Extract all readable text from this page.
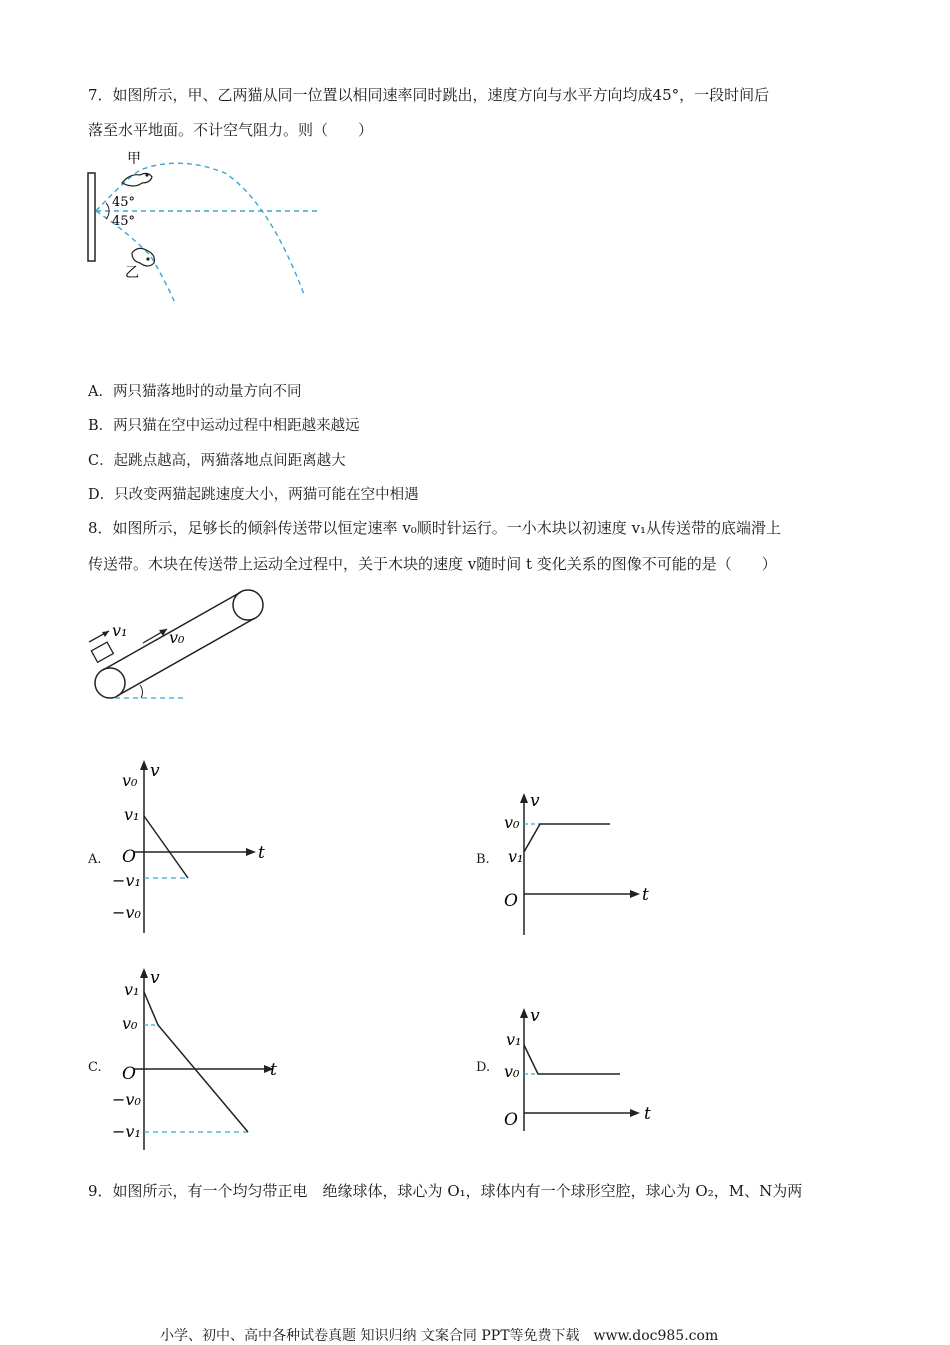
7．如图所示，甲、乙两猫从同一位置以相同速率同时跳出，速度方向与水平方向均成45°，一段时间后
落至水平地面。不计空气阻力。则（　　）
45°
45°
甲
乙
A．两只猫落地时的动量方向不同
B．两只猫在空中运动过程中相距越来越远
C．起跳点越高，两猫落地点间距离越大
D．只改变两猫起跳速度大小，两猫可能在空中相遇
8．如图所示，足够长的倾斜传送带以恒定速率 v₀顺时针运行。一小木块以初速度 v₁从传送带的底端滑上
传送带。木块在传送带上运动全过程中，关于木块的速度 v随时间 t 变化关系的图像不可能的是（　　）
v₁	v₀
A.
v
t
v₀
v₁
O
−v₁
−v₀
B.
v
t
v₀
v₁
O
C.
v
t
v₁
v₀
O
−v₀
−v₁
D.
v
t
v₁
v₀
O
9．如图所示，有一个均匀带正电　绝缘球体，球心为 O₁，球体内有一个球形空腔，球心为 O₂，M、N为两
小学、初中、高中各种试卷真题 知识归纳 文案合同 PPT等免费下载　www.doc985.com
